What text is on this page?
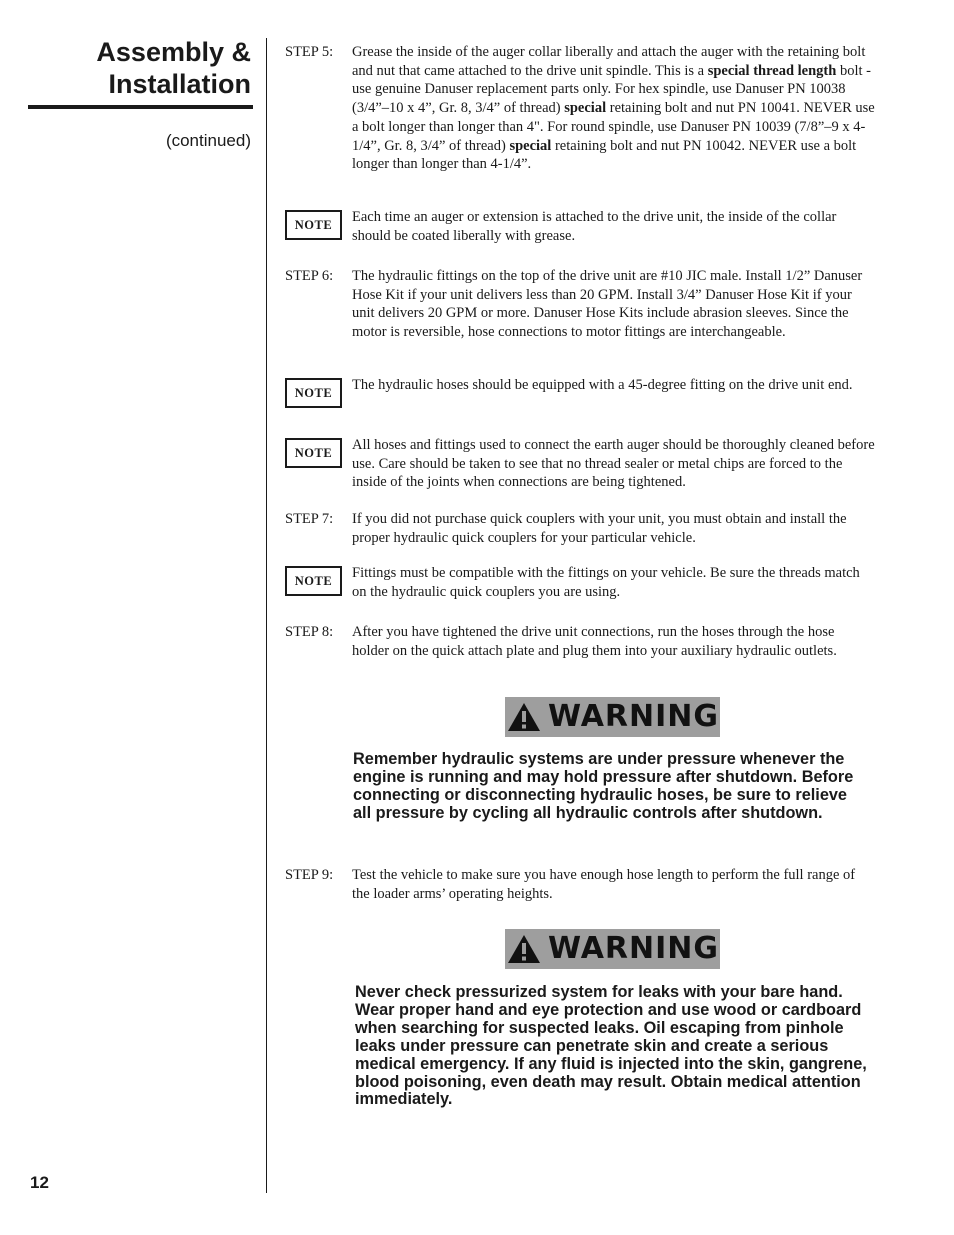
Assembly &
Installation
(continued)
12
STEP 5:	Grease the inside of the auger collar liberally and attach the auger with the retaining bolt and nut that came attached to the drive unit spindle. This is a special thread length bolt - use genuine Danuser replacement parts only. For hex spindle, use Danuser PN 10038 (3/4”–10 x 4”, Gr. 8, 3/4” of thread) special retaining bolt and nut PN 10041. NEVER use a bolt longer than longer than 4". For round spindle, use Danuser PN 10039 (7/8”–9 x 4-1/4”, Gr. 8, 3/4” of thread) special retaining bolt and nut PN 10042. NEVER use a bolt longer than longer than 4-1/4”.
NOTE	Each time an auger or extension is attached to the drive unit, the inside of the collar should be coated liberally with grease.
STEP 6:	The hydraulic fittings on the top of the drive unit are #10 JIC male. Install 1/2” Danuser Hose Kit if your unit delivers less than 20 GPM. Install 3/4” Danuser Hose Kit if your unit delivers 20 GPM or more. Danuser Hose Kits include abrasion sleeves. Since the motor is reversible, hose connections to motor fittings are interchangeable.
NOTE	The hydraulic hoses should be equipped with a 45-degree fitting on the drive unit end.
NOTE	All hoses and fittings used to connect the earth auger should be thoroughly cleaned before use. Care should be taken to see that no thread sealer or metal chips are forced to the inside of the joints when connections are being tightened.
STEP 7:	If you did not purchase quick couplers with your unit, you must obtain and install the proper hydraulic quick couplers for your particular vehicle.
NOTE	Fittings must be compatible with the fittings on your vehicle. Be sure the threads match on the hydraulic quick couplers you are using.
STEP 8:	After you have tightened the drive unit connections, run the hoses through the hose holder on the quick attach plate and plug them into your auxiliary hydraulic outlets.
WARNING
Remember hydraulic systems are under pressure whenever the engine is running and may hold pressure after shutdown. Before connecting or disconnecting hydraulic hoses, be sure to relieve all pressure by cycling all hydraulic controls after shutdown.
STEP 9:	Test the vehicle to make sure you have enough hose length to perform the full range of the loader arms’ operating heights.
WARNING
Never check pressurized system for leaks with your bare hand. Wear proper hand and eye protection and use wood or cardboard when searching for suspected leaks. Oil escaping from pinhole leaks under pressure can penetrate skin and create a serious medical emergency. If any fluid is injected into the skin, gangrene, blood poisoning, even death may result. Obtain medical attention immediately.
